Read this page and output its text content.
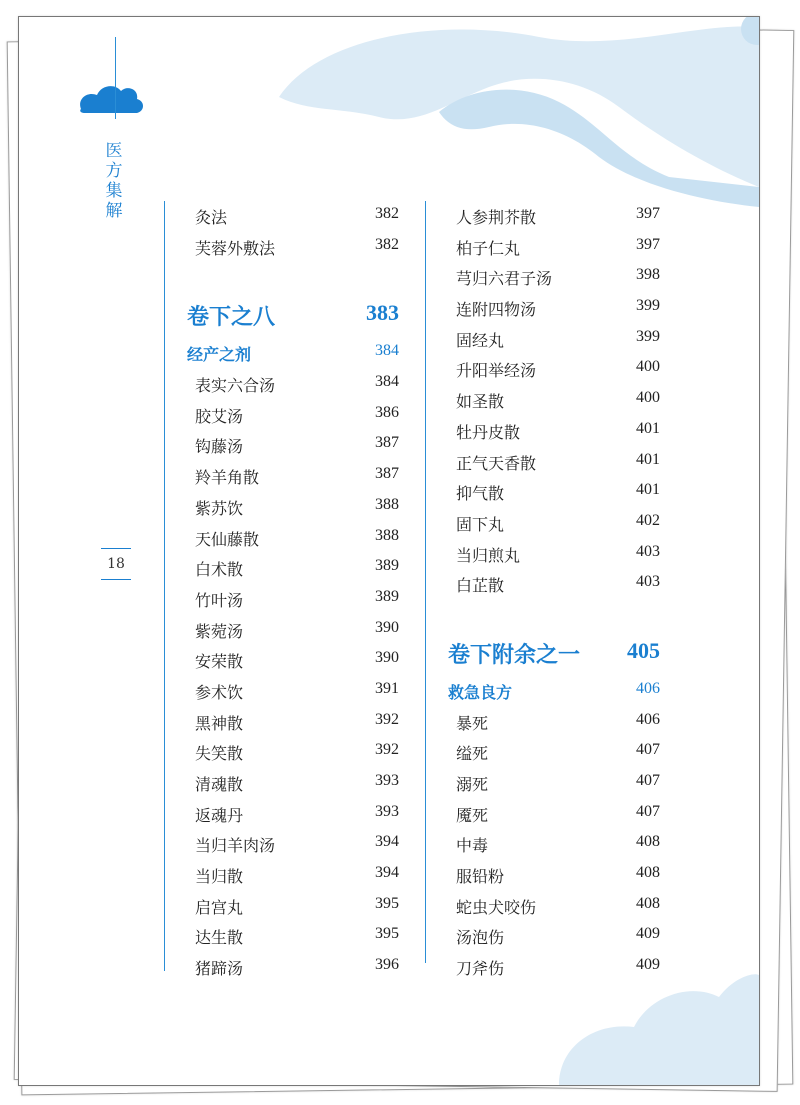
医
方
集
解
18
灸法	382
芙蓉外敷法	382
卷下之八	383
经产之剂	384
表实六合汤	384
胶艾汤	386
钩藤汤	387
羚羊角散	387
紫苏饮	388
天仙藤散	388
白术散	389
竹叶汤	389
紫菀汤	390
安荣散	390
参术饮	391
黑神散	392
失笑散	392
清魂散	393
返魂丹	393
当归羊肉汤	394
当归散	394
启宫丸	395
达生散	395
猪蹄汤	396
人参荆芥散	397
柏子仁丸	397
芎归六君子汤	398
连附四物汤	399
固经丸	399
升阳举经汤	400
如圣散	400
牡丹皮散	401
正气天香散	401
抑气散	401
固下丸	402
当归煎丸	403
白芷散	403
卷下附余之一 405
救急良方	406
暴死	406
缢死	407
溺死	407
魇死	407
中毒	408
服铅粉	408
蛇虫犬咬伤	408
汤泡伤	409
刀斧伤	409
